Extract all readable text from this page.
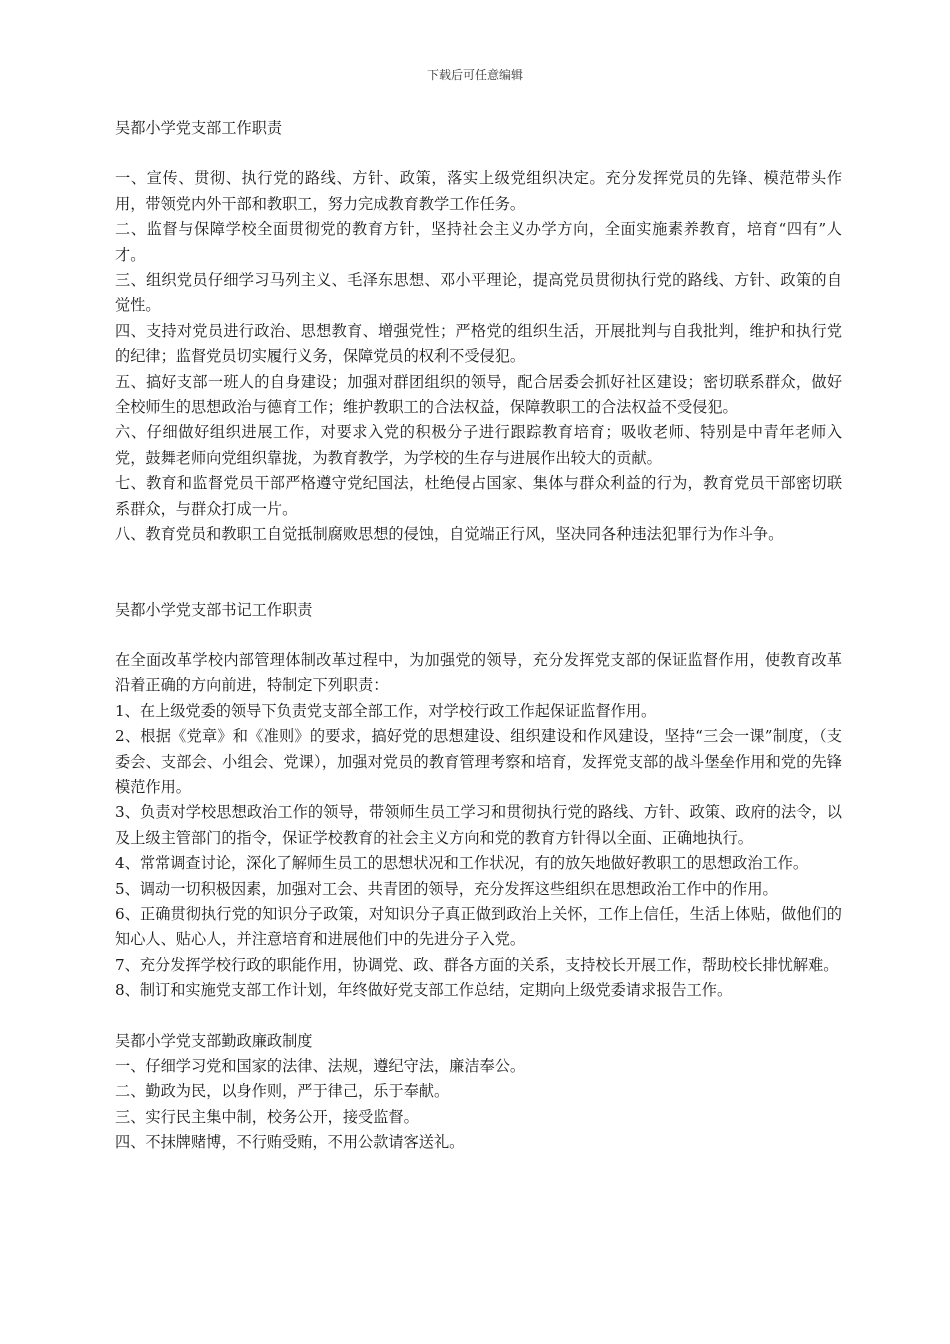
下载后可任意编辑

吴都小学党支部工作职责

一、宣传、贯彻、执行党的路线、方针、政策，落实上级党组织决定。充分发挥党员的先锋、模范带头作用，带领党内外干部和教职工，努力完成教育教学工作任务。

二、监督与保障学校全面贯彻党的教育方针，坚持社会主义办学方向，全面实施素养教育，培育“四有”人才。

三、组织党员仔细学习马列主义、毛泽东思想、邓小平理论，提高党员贯彻执行党的路线、方针、政策的自觉性。

四、支持对党员进行政治、思想教育、增强党性；严格党的组织生活，开展批判与自我批判，维护和执行党的纪律；监督党员切实履行义务，保障党员的权利不受侵犯。

五、搞好支部一班人的自身建设；加强对群团组织的领导，配合居委会抓好社区建设；密切联系群众，做好全校师生的思想政治与德育工作；维护教职工的合法权益，保障教职工的合法权益不受侵犯。

六、仔细做好组织进展工作，对要求入党的积极分子进行跟踪教育培育；吸收老师、特别是中青年老师入党，鼓舞老师向党组织靠拢，为教育教学，为学校的生存与进展作出较大的贡献。

七、教育和监督党员干部严格遵守党纪国法，杜绝侵占国家、集体与群众利益的行为，教育党员干部密切联系群众，与群众打成一片。

八、教育党员和教职工自觉抵制腐败思想的侵蚀，自觉端正行风，坚决同各种违法犯罪行为作斗争。

吴都小学党支部书记工作职责

在全面改革学校内部管理体制改革过程中，为加强党的领导，充分发挥党支部的保证监督作用，使教育改革沿着正确的方向前进，特制定下列职责：

1、在上级党委的领导下负责党支部全部工作，对学校行政工作起保证监督作用。

2、根据《党章》和《准则》的要求，搞好党的思想建设、组织建设和作风建设，坚持“三会一课”制度，（支委会、支部会、小组会、党课），加强对党员的教育管理考察和培育，发挥党支部的战斗堡垒作用和党的先锋模范作用。

3、负责对学校思想政治工作的领导，带领师生员工学习和贯彻执行党的路线、方针、政策、政府的法令，以及上级主管部门的指令，保证学校教育的社会主义方向和党的教育方针得以全面、正确地执行。

4、常常调查讨论，深化了解师生员工的思想状况和工作状况，有的放矢地做好教职工的思想政治工作。

5、调动一切积极因素，加强对工会、共青团的领导，充分发挥这些组织在思想政治工作中的作用。

6、正确贯彻执行党的知识分子政策，对知识分子真正做到政治上关怀，工作上信任，生活上体贴，做他们的知心人、贴心人，并注意培育和进展他们中的先进分子入党。

7、充分发挥学校行政的职能作用，协调党、政、群各方面的关系，支持校长开展工作，帮助校长排忧解难。

8、制订和实施党支部工作计划，年终做好党支部工作总结，定期向上级党委请求报告工作。

吴都小学党支部勤政廉政制度

一、仔细学习党和国家的法律、法规，遵纪守法，廉洁奉公。

二、勤政为民，以身作则，严于律己，乐于奉献。

三、实行民主集中制，校务公开，接受监督。

四、不抹牌赌博，不行贿受贿，不用公款请客送礼。
